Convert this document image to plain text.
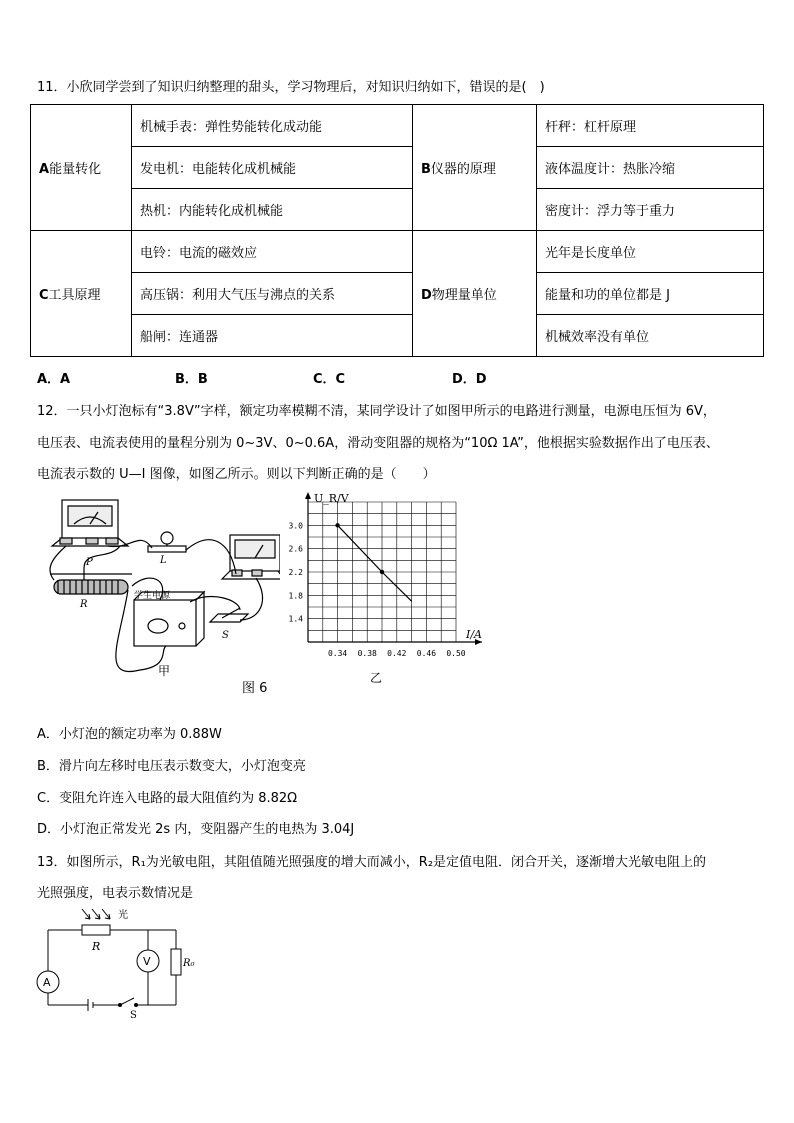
11．小欣同学尝到了知识归纳整理的甜头，学习物理后，对知识归纳如下，错误的是(　)
A能量转化	机械手表：弹性势能转化成动能	B仪器的原理	杆秤：杠杆原理
	发电机：电能转化成机械能		液体温度计：热胀冷缩
	热机：内能转化成机械能		密度计：浮力等于重力
C工具原理	电铃：电流的磁效应	D物理量单位	光年是长度单位
	高压锅：利用大气压与沸点的关系		能量和功的单位都是 J
	船闸：连通器		机械效率没有单位
A．A	B．B	C．C	D．D
12．一只小灯泡标有“3.8V”字样，额定功率模糊不清，某同学设计了如图甲所示的电路进行测量，电源电压恒为 6V，
电压表、电流表使用的量程分别为 0~3V、0~0.6A，滑动变阻器的规格为“10Ω 1A”，他根据实验数据作出了电压表、
电流表示数的 U—I 图像，如图乙所示。则以下判断正确的是（　　）
P
R
L
S
学生电源
甲
图 6
0.34 0.38 0.42 0.46 0.50
3.0
2.6
2.2
1.8
1.4
U_R/V
I/A
乙
A．小灯泡的额定功率为 0.88W
B．滑片向左移时电压表示数变大，小灯泡变亮
C．变阻允许连入电路的最大阻值约为 8.82Ω
D．小灯泡正常发光 2s 内，变阻器产生的电热为 3.04J
13．如图所示，R₁为光敏电阻，其阻值随光照强度的增大而减小，R₂是定值电阻．闭合开关，逐渐增大光敏电阻上的
光照强度，电表示数情况是
光
R
R₀
A
V
S
